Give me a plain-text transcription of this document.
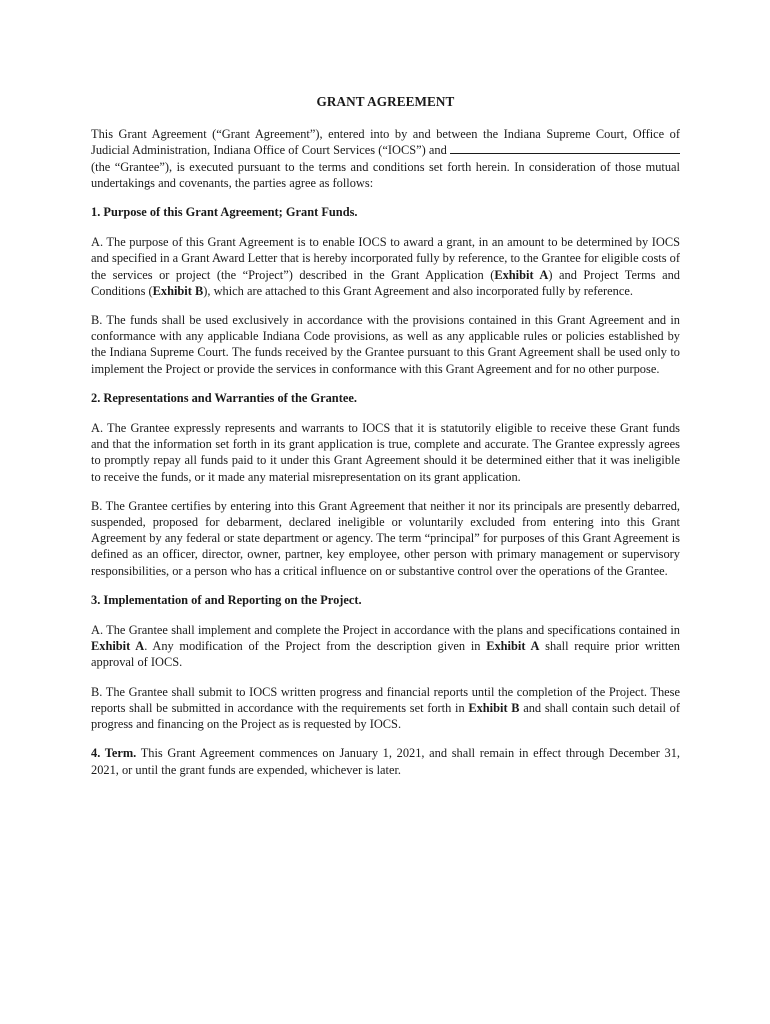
GRANT AGREEMENT

This Grant Agreement (“Grant Agreement”), entered into by and between the Indiana Supreme Court, Office of Judicial Administration, Indiana Office of Court Services (“IOCS”) and  (the “Grantee”), is executed pursuant to the terms and conditions set forth herein. In consideration of those mutual undertakings and covenants, the parties agree as follows:

1. Purpose of this Grant Agreement; Grant Funds.

A. The purpose of this Grant Agreement is to enable IOCS to award a grant, in an amount to be determined by IOCS and specified in a Grant Award Letter that is hereby incorporated fully by reference, to the Grantee for eligible costs of the services or project (the “Project”) described in the Grant Application (Exhibit A) and Project Terms and Conditions (Exhibit B), which are attached to this Grant Agreement and also incorporated fully by reference.

B. The funds shall be used exclusively in accordance with the provisions contained in this Grant Agreement and in conformance with any applicable Indiana Code provisions, as well as any applicable rules or policies established by the Indiana Supreme Court. The funds received by the Grantee pursuant to this Grant Agreement shall be used only to implement the Project or provide the services in conformance with this Grant Agreement and for no other purpose.

2. Representations and Warranties of the Grantee.

A. The Grantee expressly represents and warrants to IOCS that it is statutorily eligible to receive these Grant funds and that the information set forth in its grant application is true, complete and accurate. The Grantee expressly agrees to promptly repay all funds paid to it under this Grant Agreement should it be determined either that it was ineligible to receive the funds, or it made any material misrepresentation on its grant application.

B. The Grantee certifies by entering into this Grant Agreement that neither it nor its principals are presently debarred, suspended, proposed for debarment, declared ineligible or voluntarily excluded from entering into this Grant Agreement by any federal or state department or agency. The term “principal” for purposes of this Grant Agreement is defined as an officer, director, owner, partner, key employee, other person with primary management or supervisory responsibilities, or a person who has a critical influence on or substantive control over the operations of the Grantee.

3. Implementation of and Reporting on the Project.

A. The Grantee shall implement and complete the Project in accordance with the plans and specifications contained in Exhibit A. Any modification of the Project from the description given in Exhibit A shall require prior written approval of IOCS.

B. The Grantee shall submit to IOCS written progress and financial reports until the completion of the Project. These reports shall be submitted in accordance with the requirements set forth in Exhibit B and shall contain such detail of progress and financing on the Project as is requested by IOCS.

4. Term. This Grant Agreement commences on January 1, 2021, and shall remain in effect through December 31, 2021, or until the grant funds are expended, whichever is later.
